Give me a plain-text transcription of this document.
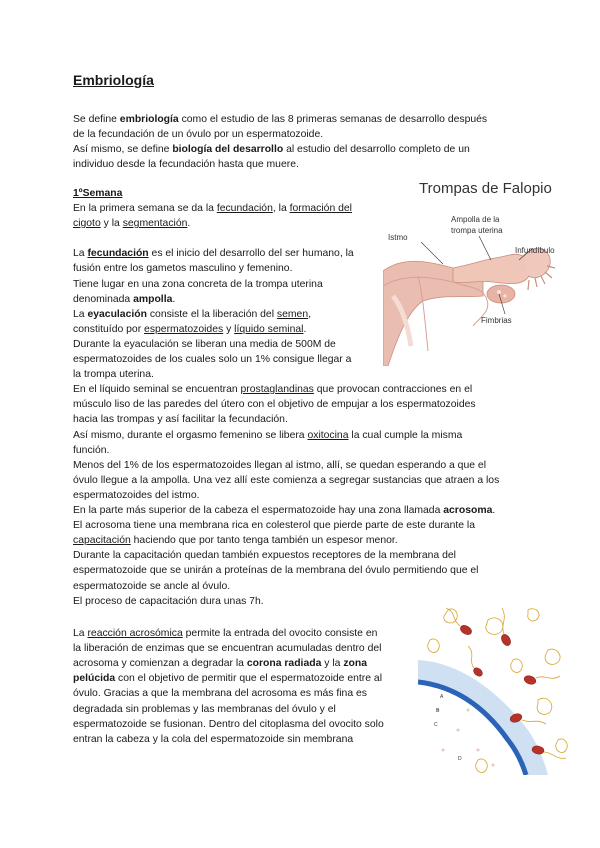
Embriología
Se define embriología como el estudio de las 8 primeras semanas de desarrollo después
de la fecundación de un óvulo por un espermatozoide.
Así mismo, se define biología del desarrollo al estudio del desarrollo completo de un
individuo desde la fecundación hasta que muere.
1ºSemana
En la primera semana se da la fecundación, la formación del
cigoto y la segmentación.
La fecundación es el inicio del desarrollo del ser humano, la
fusión entre los gametos masculino y femenino.
Tiene lugar en una zona concreta de la trompa uterina
denominada ampolla.
La eyaculación consiste el la liberación del semen,
constituído por espermatozoides y líquido seminal.
Durante la eyaculación se liberan una media de 500M de
espermatozoides de los cuales solo un 1% consigue llegar a
la trompa uterina.
En el líquido seminal se encuentran prostaglandinas que provocan contracciones en el
músculo liso de las paredes del útero con el objetivo de empujar a los espermatozoides
hacia las trompas y así facilitar la fecundación.
Así mismo, durante el orgasmo femenino se libera oxitocina la cual cumple la misma
función.
Menos del 1% de los espermatozoides llegan al istmo, allí, se quedan esperando a que el
óvulo llegue a la ampolla. Una vez allí este comienza a segregar sustancias que atraen a los
espermatozoides del istmo.
En la parte más superior de la cabeza el espermatozoide hay una zona llamada acrosoma.
El acrosoma tiene una membrana rica en colesterol que pierde parte de este durante la
capacitación haciendo que por tanto tenga también un espesor menor.
Durante la capacitación quedan también expuestos receptores de la membrana del
espermatozoide que se unirán a proteínas de la membrana del óvulo permitiendo que el
espermatozoide se ancle al óvulo.
El proceso de capacitación dura unas 7h.
La reacción acrosómica permite la entrada del ovocito consiste en
la liberación de enzimas que se encuentran acumuladas dentro del
acrosoma y comienzan a degradar la corona radiada y la zona
pelúcida con el objetivo de permitir que el espermatozoide entre al
óvulo. Gracias a que la membrana del acrosoma es más fina es
degradada sin problemas y las membranas del óvulo y el
espermatozoide se fusionan. Dentro del citoplasma del ovocito solo
entran la cabeza y la cola del espermatozoide sin membrana
Trompas de Falopio
Istmo
Ampolla de la
trompa uterina
Infundíbulo
Fimbrias
A
B
C
D
